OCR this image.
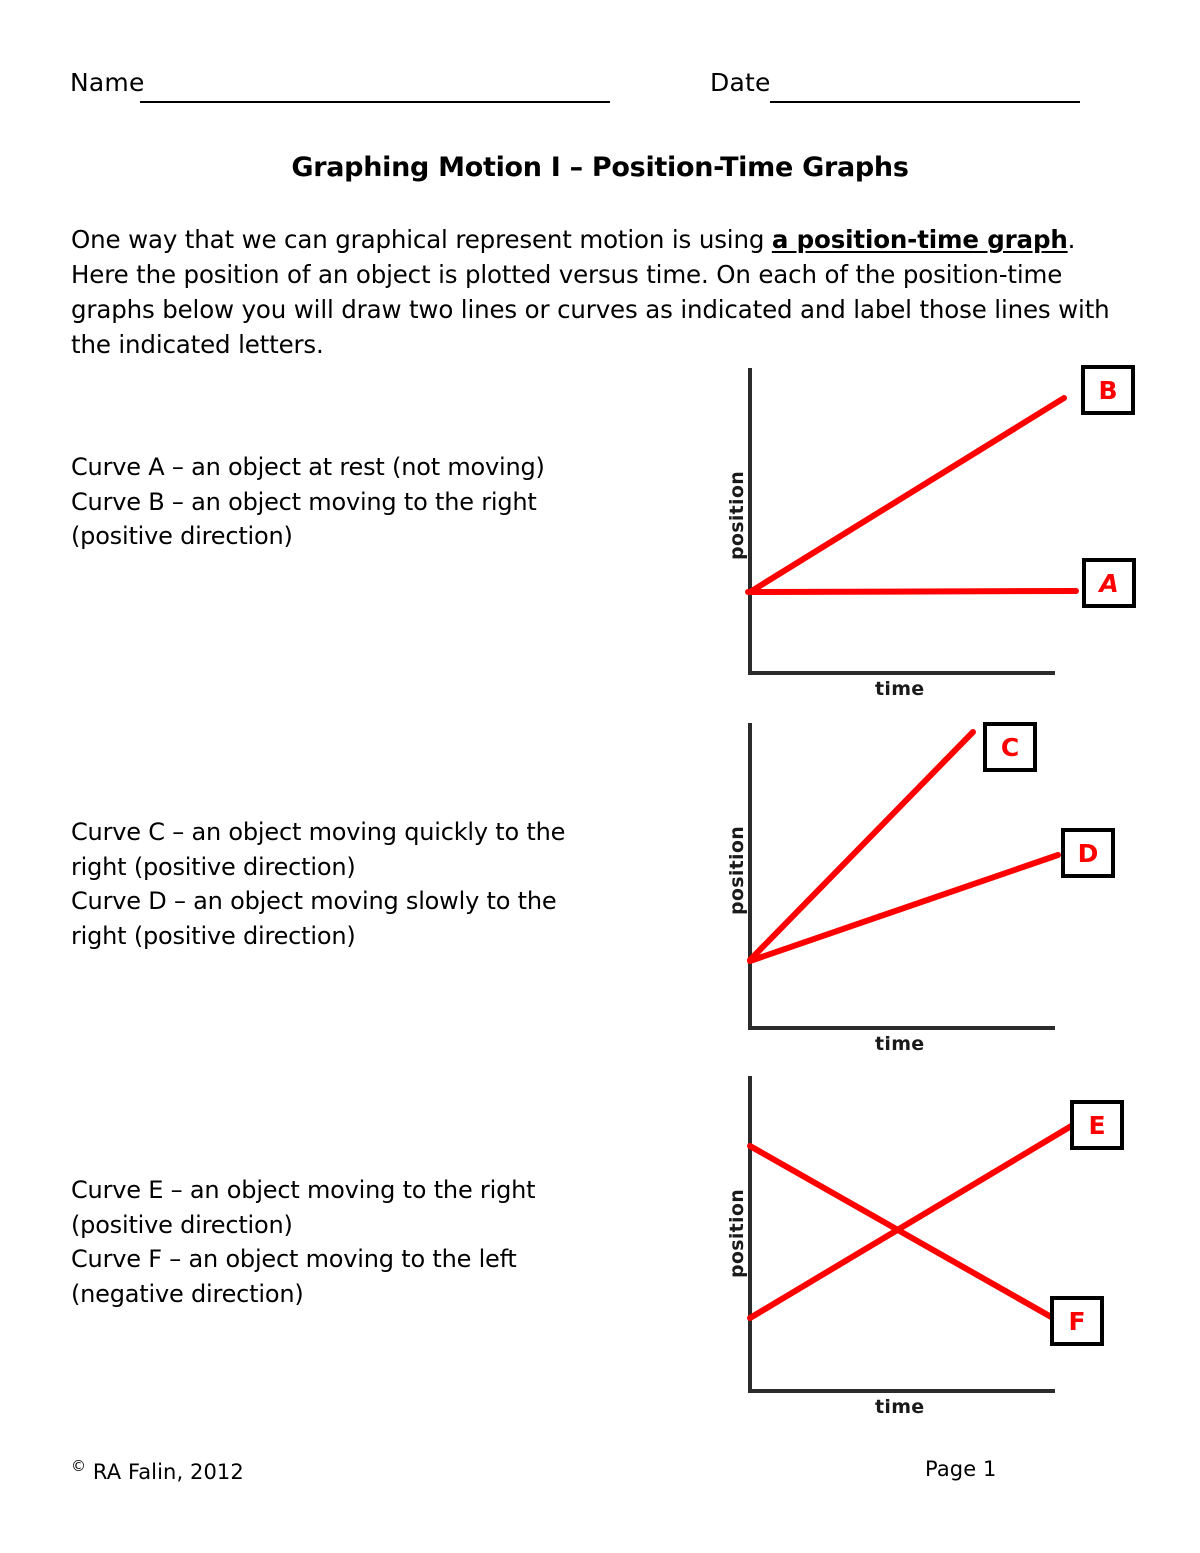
Name	Date
Graphing Motion I – Position-Time Graphs
One way that we can graphical represent motion is using a position-time graph. Here the position of an object is plotted versus time. On each of the position-time graphs below you will draw two lines or curves as indicated and label those lines with the indicated letters.
Curve A – an object at rest (not moving)
Curve B – an object moving to the right (positive direction)
Curve C – an object moving quickly to the right (positive direction)
Curve D – an object moving slowly to the right (positive direction)
Curve E – an object moving to the right (positive direction)
Curve F – an object moving to the left (negative direction)
position
time
B
A
position
time
C
D
position
time
E
F
© RA Falin, 2012	Page 1
